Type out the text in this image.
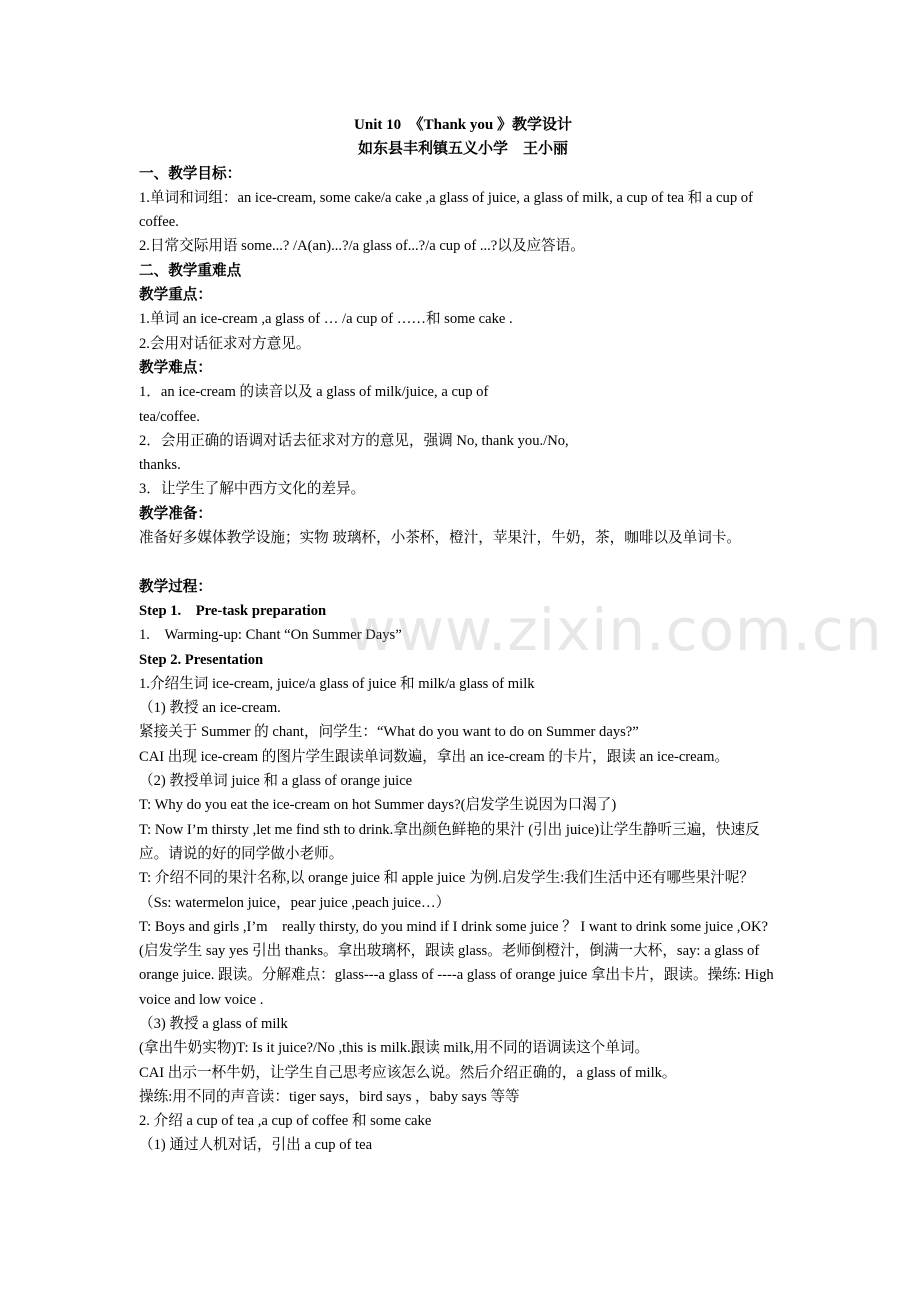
Unit 10　《Thank you 》教学设计
如东县丰利镇五义小学　王小丽
一、教学目标：
1.单词和词组：an ice-cream, some cake/a cake ,a glass of juice, a glass of milk, a cup of tea 和 a cup of coffee.
2.日常交际用语 some...? /A(an)...?/a glass of...?/a cup of ...?以及应答语。
二、教学重难点
教学重点：
1.单词 an ice-cream ,a glass of … /a cup of ……和 some cake .
2.会用对话征求对方意见。
教学难点：
1．an ice-cream 的读音以及 a glass of milk/juice, a cup of
tea/coffee.
2．会用正确的语调对话去征求对方的意见，强调 No, thank you./No,
thanks.
3．让学生了解中西方文化的差异。
教学准备：
准备好多媒体教学设施；实物 玻璃杯，小茶杯，橙汁，苹果汁，牛奶，茶，咖啡以及单词卡。
教学过程：
Step 1.　Pre-task preparation
1.　Warming-up: Chant “On Summer Days”
Step 2. Presentation
1.介绍生词 ice-cream, juice/a glass of juice 和 milk/a glass of milk
（1) 教授 an ice-cream.
紧接关于 Summer 的 chant，问学生：“What do you want to do on Summer days?”
CAI 出现 ice-cream 的图片学生跟读单词数遍，拿出 an ice-cream 的卡片，跟读 an ice-cream。
（2) 教授单词 juice 和 a glass of orange juice
T: Why do you eat the ice-cream on hot Summer days?(启发学生说因为口渴了)
T: Now I’m thirsty ,let me find sth to drink.拿出颜色鲜艳的果汁 (引出 juice)让学生静听三遍，快速反应。请说的好的同学做小老师。
T: 介绍不同的果汁名称,以 orange juice 和 apple juice 为例.启发学生:我们生活中还有哪些果汁呢？ （Ss: watermelon juice，pear juice ,peach juice…）
T: Boys and girls ,I’m　really thirsty, do you mind if I drink some juice ？ I want to drink some juice ,OK?(启发学生 say yes 引出 thanks。拿出玻璃杯，跟读 glass。老师倒橙汁，倒满一大杯，say: a glass of orange juice. 跟读。分解难点：glass---a glass of ----a glass of orange juice 拿出卡片，跟读。操练: High voice and low voice .
（3) 教授 a glass of milk
(拿出牛奶实物)T: Is it juice?/No ,this is milk.跟读 milk,用不同的语调读这个单词。
CAI 出示一杯牛奶，让学生自己思考应该怎么说。然后介绍正确的，a glass of milk。
操练:用不同的声音读：tiger says，bird says ，baby says 等等
2. 介绍 a cup of tea ,a cup of coffee 和 some cake
（1) 通过人机对话，引出 a cup of tea
www.zixin.com.cn
